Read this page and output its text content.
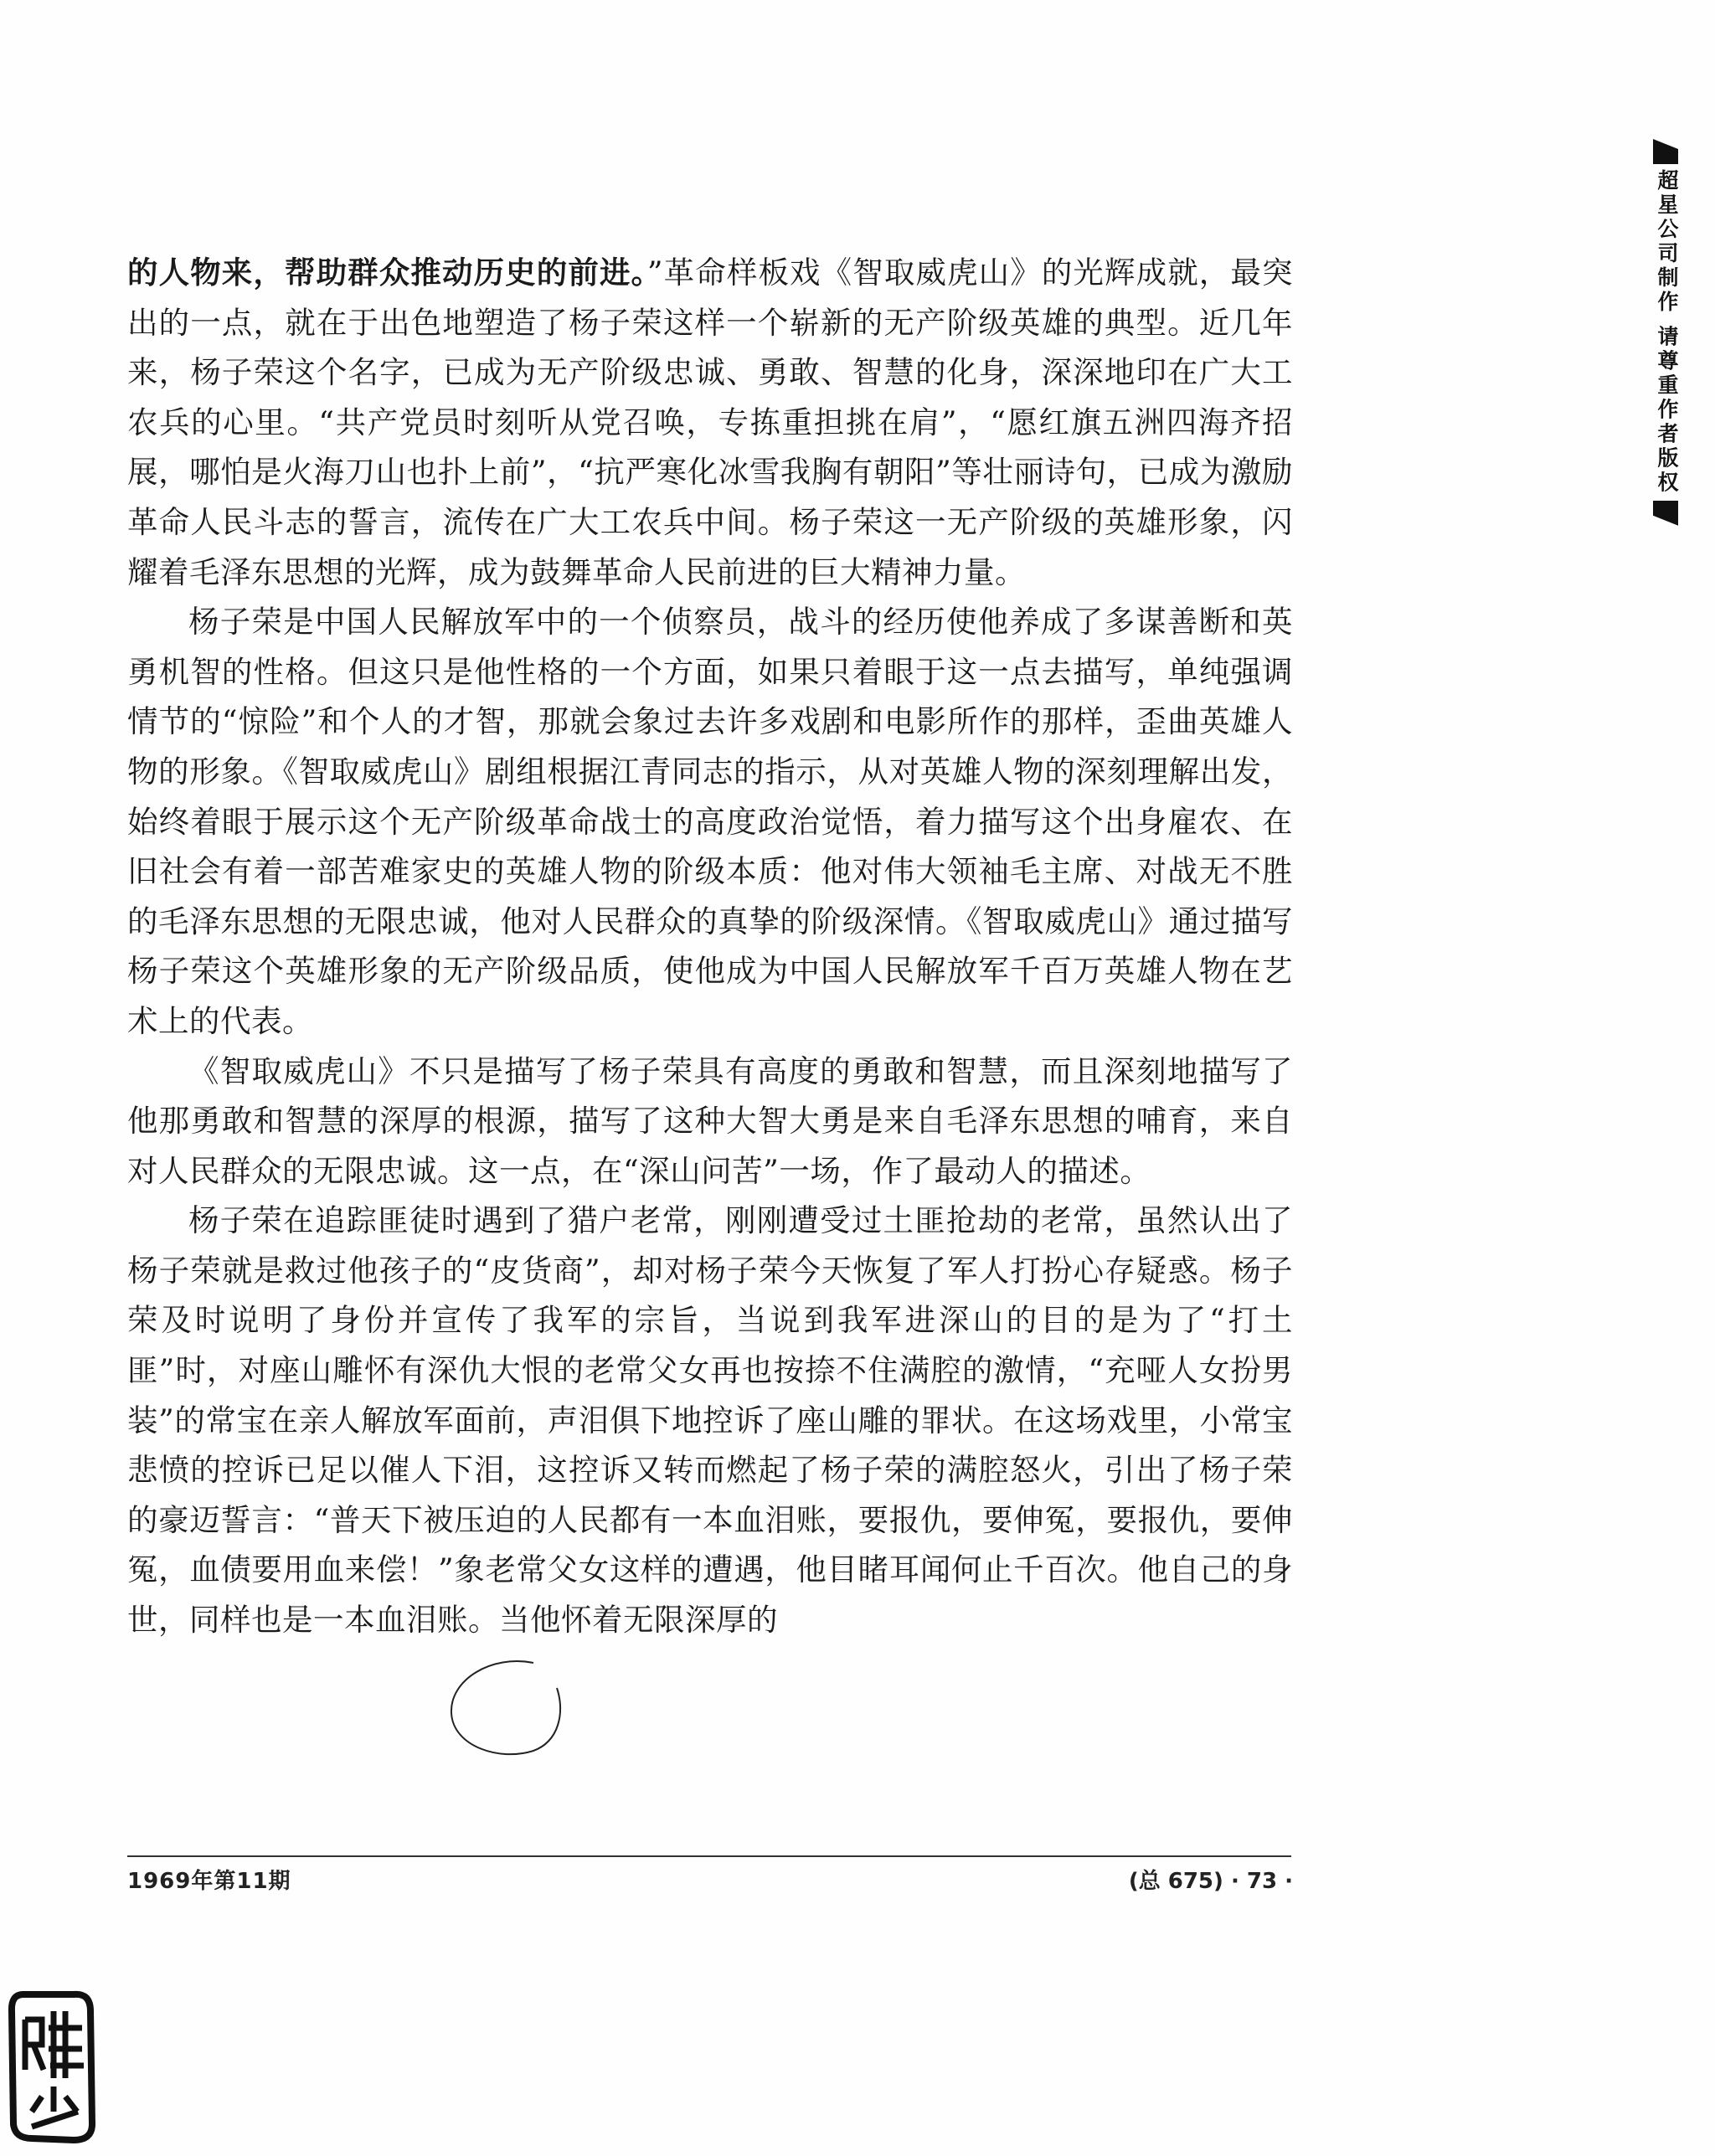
的人物来，帮助群众推动历史的前进。”革命样板戏《智取威虎山》的光辉成就，最突出的一点，就在于出色地塑造了杨子荣这样一个崭新的无产阶级英雄的典型。近几年来，杨子荣这个名字，已成为无产阶级忠诚、勇敢、智慧的化身，深深地印在广大工农兵的心里。“共产党员时刻听从党召唤，专拣重担挑在肩”，“愿红旗五洲四海齐招展，哪怕是火海刀山也扑上前”，“抗严寒化冰雪我胸有朝阳”等壮丽诗句，已成为激励革命人民斗志的誓言，流传在广大工农兵中间。杨子荣这一无产阶级的英雄形象，闪耀着毛泽东思想的光辉，成为鼓舞革命人民前进的巨大精神力量。

杨子荣是中国人民解放军中的一个侦察员，战斗的经历使他养成了多谋善断和英勇机智的性格。但这只是他性格的一个方面，如果只着眼于这一点去描写，单纯强调情节的“惊险”和个人的才智，那就会象过去许多戏剧和电影所作的那样，歪曲英雄人物的形象。《智取威虎山》剧组根据江青同志的指示，从对英雄人物的深刻理解出发，始终着眼于展示这个无产阶级革命战士的高度政治觉悟，着力描写这个出身雇农、在旧社会有着一部苦难家史的英雄人物的阶级本质：他对伟大领袖毛主席、对战无不胜的毛泽东思想的无限忠诚，他对人民群众的真挚的阶级深情。《智取威虎山》通过描写杨子荣这个英雄形象的无产阶级品质，使他成为中国人民解放军千百万英雄人物在艺术上的代表。

《智取威虎山》不只是描写了杨子荣具有高度的勇敢和智慧，而且深刻地描写了他那勇敢和智慧的深厚的根源，描写了这种大智大勇是来自毛泽东思想的哺育，来自对人民群众的无限忠诚。这一点，在“深山问苦”一场，作了最动人的描述。

杨子荣在追踪匪徒时遇到了猎户老常，刚刚遭受过土匪抢劫的老常，虽然认出了杨子荣就是救过他孩子的“皮货商”，却对杨子荣今天恢复了军人打扮心存疑惑。杨子荣及时说明了身份并宣传了我军的宗旨，当说到我军进深山的目的是为了“打土匪”时，对座山雕怀有深仇大恨的老常父女再也按捺不住满腔的激情，“充哑人女扮男装”的常宝在亲人解放军面前，声泪俱下地控诉了座山雕的罪状。在这场戏里，小常宝悲愤的控诉已足以催人下泪，这控诉又转而燃起了杨子荣的满腔怒火，引出了杨子荣的豪迈誓言：“普天下被压迫的人民都有一本血泪账，要报仇，要伸冤，要报仇，要伸冤，血债要用血来偿！”象老常父女这样的遭遇，他目睹耳闻何止千百次。他自己的身世，同样也是一本血泪账。当他怀着无限深厚的

1969年第11期	(总 675) · 73 ·
超星公司制作 请尊重作者版权
